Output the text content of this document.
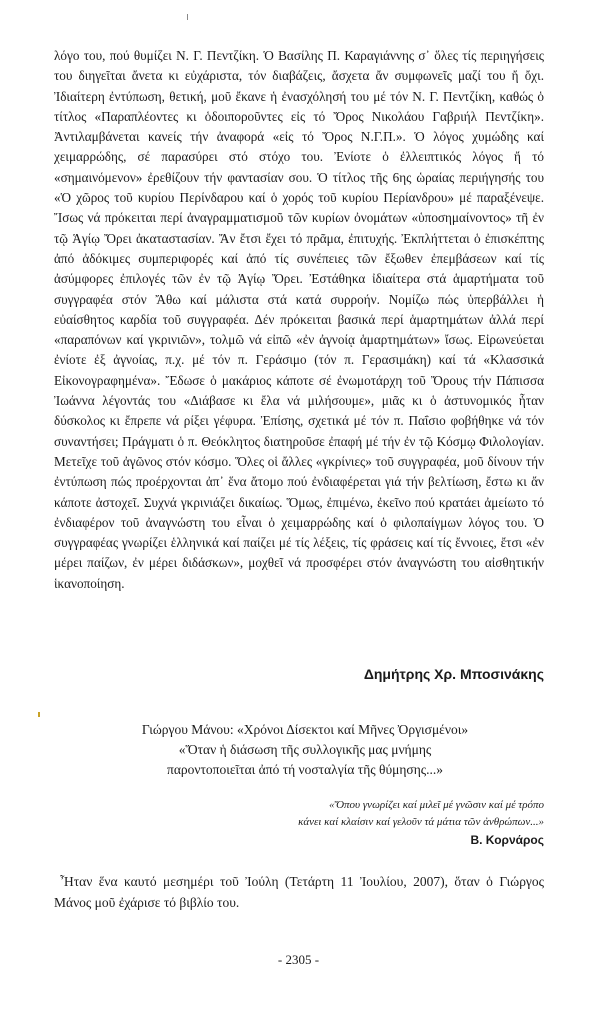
λόγο του, πού θυμίζει Ν. Γ. Πεντζίκη. Ὁ Βασίλης Π. Καραγιάννης σ᾽ ὅλες τίς περιηγήσεις του διηγεῖται ἄνετα κι εὐχάριστα, τόν διαβάζεις, ἄσχετα ἄν συμφωνεῖς μαζί του ἤ ὄχι. Ἰδιαίτερη ἐντύπωση, θετική, μοῦ ἔκανε ἡ ἐνασχόλησή του μέ τόν Ν. Γ. Πεντζίκη, καθώς ὁ τίτλος «Παραπλέοντες κι ὁδοιποροῦντες εἰς τό Ὄρος Νικολάου Γαβριήλ Πεντζίκη». Ἀντιλαμβάνεται κανείς τήν ἀναφορά «εἰς τό Ὄρος Ν.Γ.Π.». Ὁ λόγος χυμώδης καί χειμαρρώδης, σέ παρασύρει στό στόχο του. Ἐνίοτε ὁ ἐλλειπτικός λόγος ἤ τό «σημαινόμενον» ἐρεθίζουν τήν φαντασίαν σου. Ὁ τίτλος τῆς 6ης ὡραίας περιήγησής του «Ὁ χῶρος τοῦ κυρίου Περίνδαρου καί ὁ χορός τοῦ κυρίου Περίανδρου» μέ παραξένεψε. Ἴσως νά πρόκειται περί ἀναγραμματισμοῦ τῶν κυρίων ὀνομάτων «ὑποσημαίνοντος» τῆ ἐν τῷ Ἁγίῳ Ὄρει ἀκαταστασίαν. Ἄν ἔτσι ἔχει τό πρᾶμα, ἐπιτυχής. Ἐκπλήττεται ὁ ἐπισκέπτης ἀπό ἀδόκιμες συμπεριφορές καί ἀπό τίς συνέπειες τῶν ἔξωθεν ἐπεμβάσεων καί τίς ἀσύμφορες ἐπιλογές τῶν ἐν τῷ Ἁγίῳ Ὄρει. Ἐστάθηκα ἰδιαίτερα στά ἁμαρτήματα τοῦ συγγραφέα στόν Ἄθω καί μάλιστα στά κατά συρροήν. Νομίζω πώς ὑπερβάλλει ἡ εὐαίσθητος καρδία τοῦ συγγραφέα. Δέν πρόκειται βασικά περί ἁμαρτημάτων ἀλλά περί «παραπόνων καί γκρινιῶν», τολμῶ νά εἰπῶ «ἐν ἀγνοίᾳ ἁμαρτημάτων» ἴσως. Εἰρωνεύεται ἐνίοτε ἐξ ἀγνοίας, π.χ. μέ τόν π. Γεράσιμο (τόν π. Γερασιμάκη) καί τά «Κλασσικά Εἰκονογραφημένα». Ἔδωσε ὁ μακάριος κάποτε σέ ἐνωμοτάρχη τοῦ Ὄρους τήν Πάπισσα Ἰωάννα λέγοντάς του «Διάβασε κι ἔλα νά μιλήσουμε», μιᾶς κι ὁ ἀστυνομικός ἦταν δύσκολος κι ἔπρεπε νά ρίξει γέφυρα. Ἐπίσης, σχετικά μέ τόν π. Παΐσιο φοβήθηκε νά τόν συναντήσει; Πράγματι ὁ π. Θεόκλητος διατηροῦσε ἐπαφή μέ τήν ἐν τῷ Κόσμῳ Φιλολογίαν. Μετεῖχε τοῦ ἀγῶνος στόν κόσμο. Ὅλες οἱ ἄλλες «γκρίνιες» τοῦ συγγραφέα, μοῦ δίνουν τήν ἐντύπωση πώς προέρχονται ἀπ᾽ ἕνα ἄτομο πού ἐνδιαφέρεται γιά τήν βελτίωση, ἔστω κι ἄν κάποτε ἀστοχεῖ. Συχνά γκρινιάζει δικαίως. Ὅμως, ἐπιμένω, ἐκεῖνο πού κρατάει ἀμείωτο τό ἐνδιαφέρον τοῦ ἀναγνώστη του εἶναι ὁ χειμαρρώδης καί ὁ φιλοπαίγμων λόγος του. Ὁ συγγραφέας γνωρίζει ἑλληνικά καί παίζει μέ τίς λέξεις, τίς φράσεις καί τίς ἔννοιες, ἔτσι «ἐν μέρει παίζων, ἐν μέρει διδάσκων», μοχθεῖ νά προσφέρει στόν ἀναγνώστη του αἰσθητικήν ἱκανοποίηση.

Δημήτρης Χρ. Μποσινάκης

Γιώργου Μάνου: «Χρόνοι Δίσεκτοι καί Μῆνες Ὀργισμένοι»
«Ὅταν ἡ διάσωση τῆς συλλογικῆς μας μνήμης
παροντοποιεῖται ἀπό τή νοσταλγία τῆς θύμησης...»
«Ὅπου γνωρίζει καί μιλεῖ μέ γνῶσιν καί μέ τρόπο
κάνει καί κλαίσιν καί γελοῦν τά μάτια τῶν ἀνθρώπων...»

Β. Κορνάρος

Ἦταν ἕνα καυτό μεσημέρι τοῦ Ἰούλη (Τετάρτη 11 Ἰουλίου, 2007), ὅταν ὁ Γιώργος Μάνος μοῦ ἐχάρισε τό βιβλίο του.

- 2305 -
